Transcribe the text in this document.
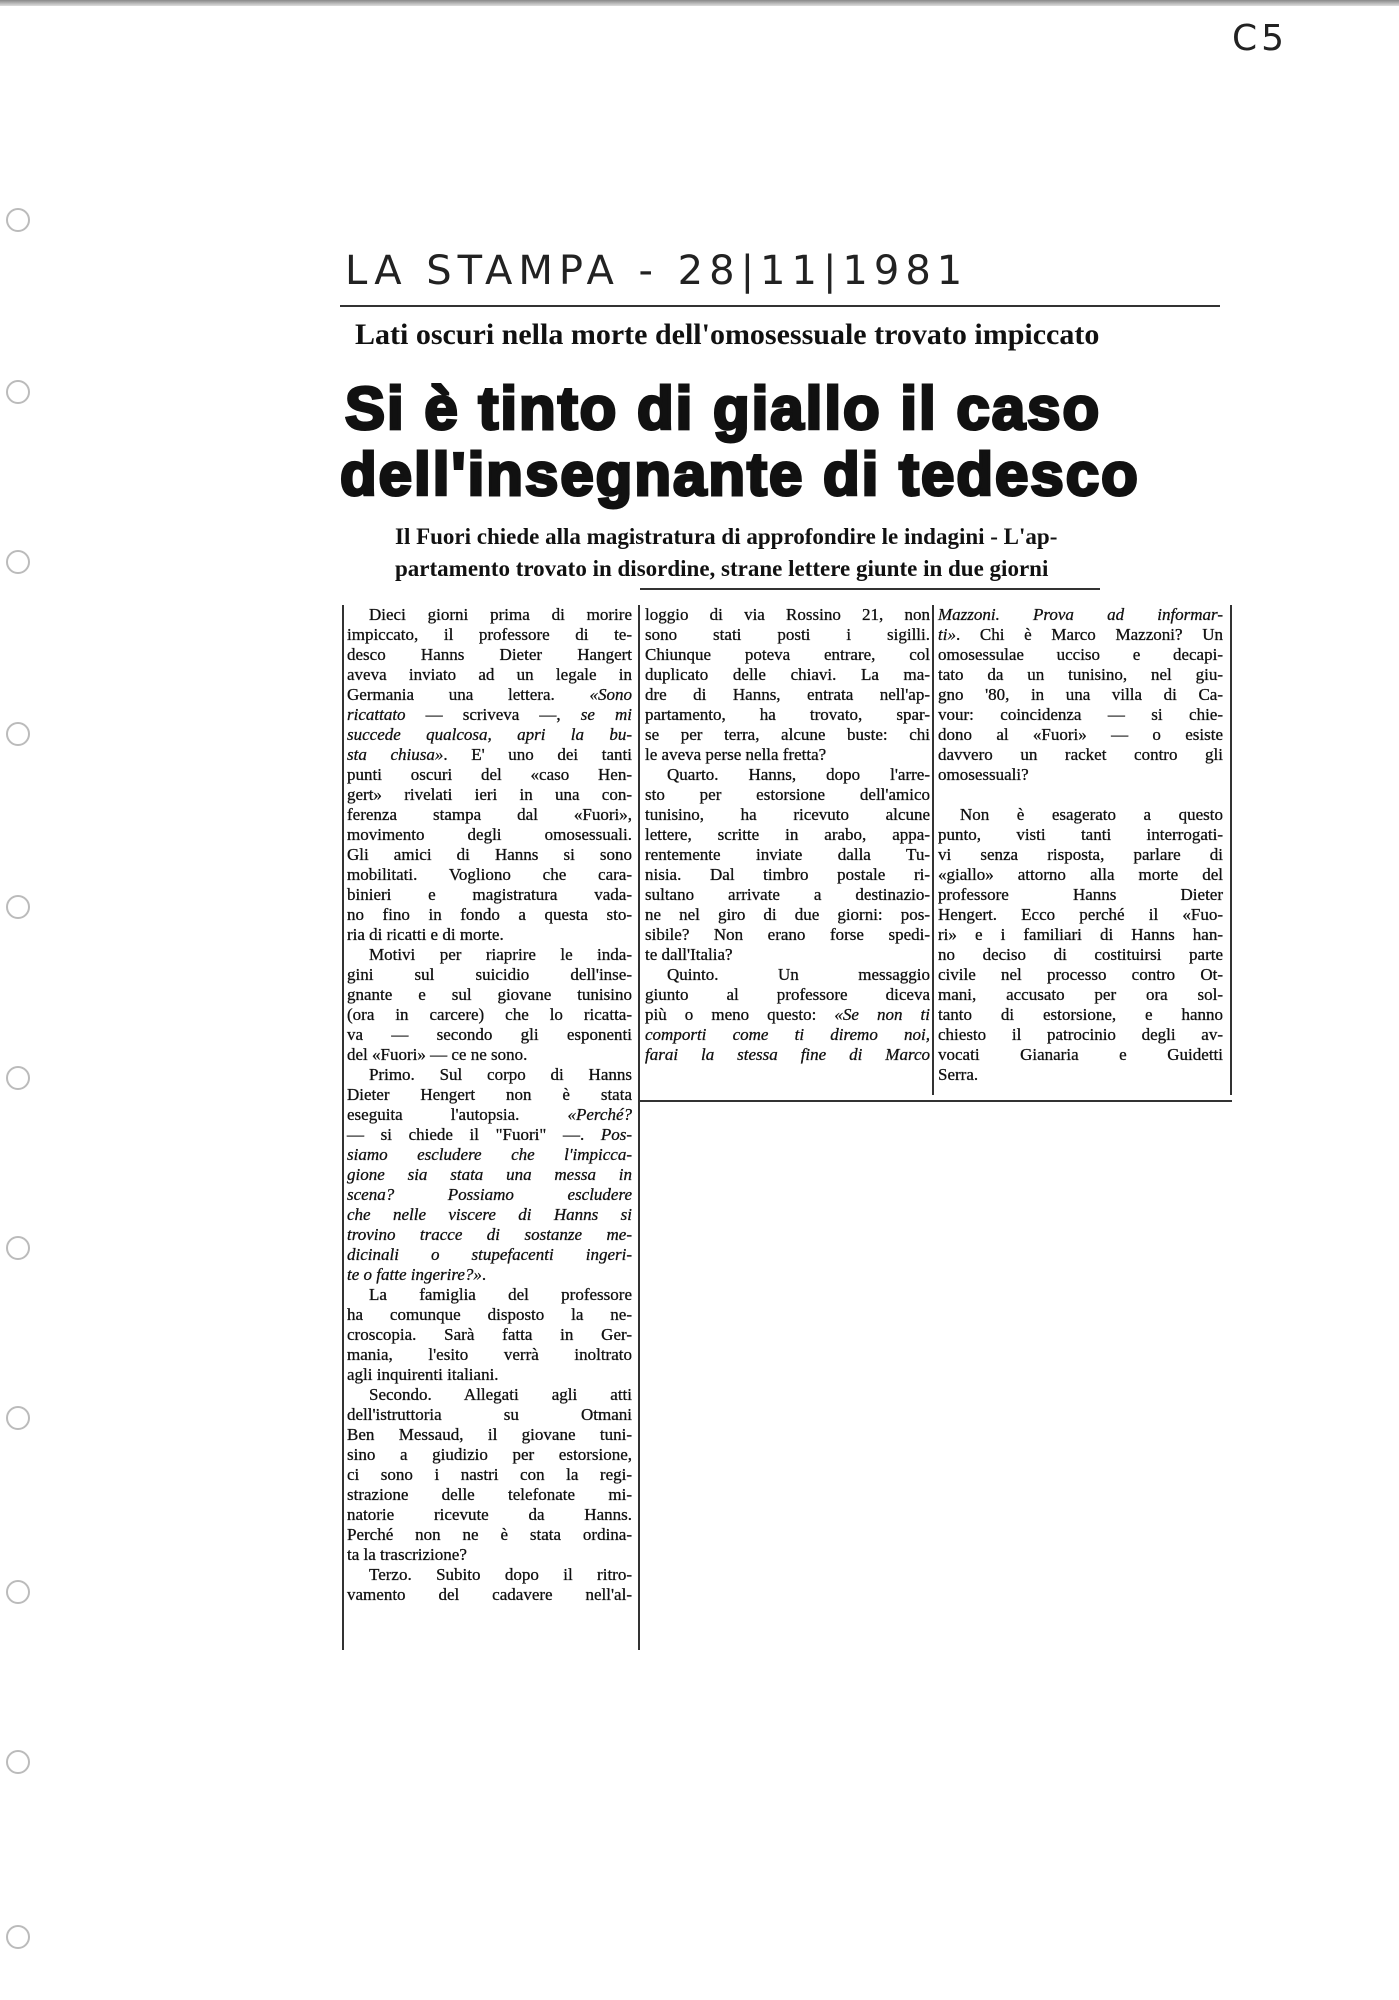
C5
LA STAMPA - 28|11|1981
Lati oscuri nella morte dell'omosessuale trovato impiccato
Si è tinto di giallo il caso
dell'insegnante di tedesco
Il Fuori chiede alla magistratura di approfondire le indagini - L'ap-
partamento trovato in disordine, strane lettere giunte in due giorni
Dieci giorni prima di morire
impiccato, il professore di te-
desco Hanns Dieter Hangert
aveva inviato ad un legale in
Germania una lettera. «Sono
ricattato — scriveva —, se mi
succede qualcosa, apri la bu-
sta chiusa». E' uno dei tanti
punti oscuri del «caso Hen-
gert» rivelati ieri in una con-
ferenza stampa dal «Fuori»,
movimento degli omosessuali.
Gli amici di Hanns si sono
mobilitati. Vogliono che cara-
binieri e magistratura vada-
no fino in fondo a questa sto-
ria di ricatti e di morte.
Motivi per riaprire le inda-
gini sul suicidio dell'inse-
gnante e sul giovane tunisino
(ora in carcere) che lo ricatta-
va — secondo gli esponenti
del «Fuori» — ce ne sono.
Primo. Sul corpo di Hanns
Dieter Hengert non è stata
eseguita l'autopsia. «Perché?
— si chiede il "Fuori" —. Pos-
siamo escludere che l'impicca-
gione sia stata una messa in
scena? Possiamo escludere
che nelle viscere di Hanns si
trovino tracce di sostanze me-
dicinali o stupefacenti ingeri-
te o fatte ingerire?».
La famiglia del professore
ha comunque disposto la ne-
croscopia. Sarà fatta in Ger-
mania, l'esito verrà inoltrato
agli inquirenti italiani.
Secondo. Allegati agli atti
dell'istruttoria su Otmani
Ben Messaud, il giovane tuni-
sino a giudizio per estorsione,
ci sono i nastri con la regi-
strazione delle telefonate mi-
natorie ricevute da Hanns.
Perché non ne è stata ordina-
ta la trascrizione?
Terzo. Subito dopo il ritro-
vamento del cadavere nell'al-
loggio di via Rossino 21, non
sono stati posti i sigilli.
Chiunque poteva entrare, col
duplicato delle chiavi. La ma-
dre di Hanns, entrata nell'ap-
partamento, ha trovato, spar-
se per terra, alcune buste: chi
le aveva perse nella fretta?
Quarto. Hanns, dopo l'arre-
sto per estorsione dell'amico
tunisino, ha ricevuto alcune
lettere, scritte in arabo, appa-
rentemente inviate dalla Tu-
nisia. Dal timbro postale ri-
sultano arrivate a destinazio-
ne nel giro di due giorni: pos-
sibile? Non erano forse spedi-
te dall'Italia?
Quinto. Un messaggio
giunto al professore diceva
più o meno questo: «Se non ti
comporti come ti diremo noi,
farai la stessa fine di Marco
Mazzoni. Prova ad informar-
ti». Chi è Marco Mazzoni? Un
omosessulae ucciso e decapi-
tato da un tunisino, nel giu-
gno '80, in una villa di Ca-
vour: coincidenza — si chie-
dono al «Fuori» — o esiste
davvero un racket contro gli
omosessuali?
Non è esagerato a questo
punto, visti tanti interrogati-
vi senza risposta, parlare di
«giallo» attorno alla morte del
professore Hanns Dieter
Hengert. Ecco perché il «Fuo-
ri» e i familiari di Hanns han-
no deciso di costituirsi parte
civile nel processo contro Ot-
mani, accusato per ora sol-
tanto di estorsione, e hanno
chiesto il patrocinio degli av-
vocati Gianaria e Guidetti
Serra.
